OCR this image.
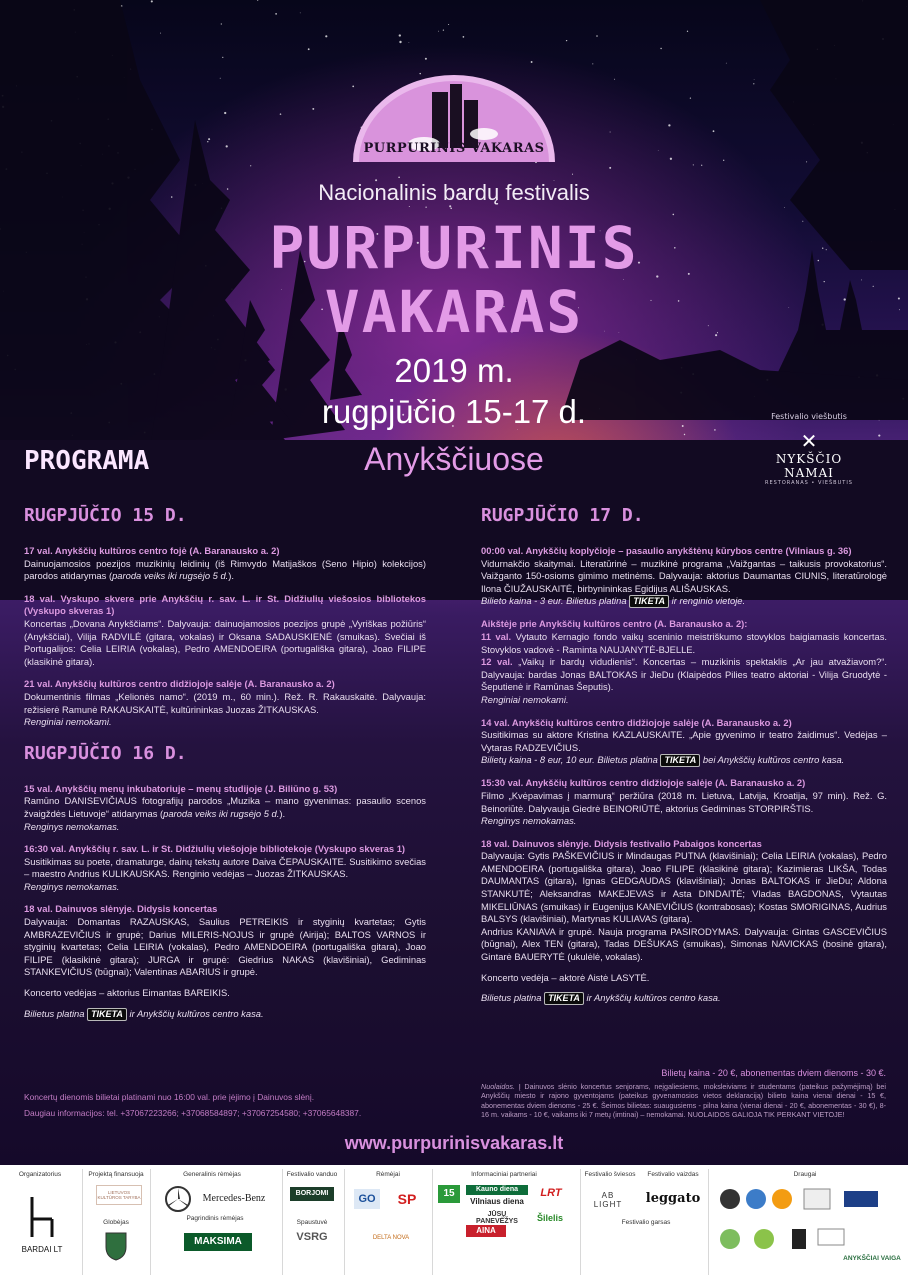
PURPURINIS VAKARAS
Nacionalinis bardų festivalis
PURPURINIS
VAKARAS
2019 m.
rugpjūčio 15-17 d.
Anykščiuose
PROGRAMA
Festivalio viešbutis
✕
NYKŠČIO NAMAI
RESTORANAS • VIEŠBUTIS
RUGPJŪČIO 15 D.
17 val. Anykščių kultūros centro fojė (A. Baranausko a. 2)
Dainuojamosios poezijos muzikinių leidinių (iš Rimvydo Matijaškos (Seno Hipio) kolekcijos) parodos atidarymas (paroda veiks iki rugsėjo 5 d.).
18 val. Vyskupo skvere prie Anykščių r. sav. L. ir St. Didžiulių viešosios bibliotekos (Vyskupo skveras 1)
Koncertas „Dovana Anykščiams“. Dalyvauja: dainuojamosios poezijos grupė „Vyriškas požiūris“ (Anykščiai), Vilija RADVILĖ (gitara, vokalas) ir Oksana SADAUSKIENĖ (smuikas). Svečiai iš Portugalijos: Celia LEIRIA (vokalas), Pedro AMENDOEIRA (portugališka gitara), Joao FILIPE (klasikinė gitara).
21 val. Anykščių kultūros centro didžiojoje salėje (A. Baranausko a. 2)
Dokumentinis filmas „Kelionės namo“. (2019 m., 60 min.). Rež. R. Rakauskaitė. Dalyvauja: režisierė Ramunė RAKAUSKAITĖ, kultūrininkas Juozas ŽITKAUSKAS.
Renginiai nemokami.
RUGPJŪČIO 16 D.
15 val. Anykščių menų inkubatoriuje – menų studijoje (J. Biliūno g. 53)
Ramūno DANISEVIČIAUS fotografijų parodos „Muzika – mano gyvenimas: pasaulio scenos žvaigždės Lietuvoje“ atidarymas (paroda veiks iki rugsėjo 5 d.).
Renginys nemokamas.
16:30 val. Anykščių r. sav. L. ir St. Didžiulių viešojoje bibliotekoje (Vyskupo skveras 1)
Susitikimas su poete, dramaturge, dainų tekstų autore Daiva ČEPAUSKAITE. Susitikimo svečias – maestro Andrius KULIKAUSKAS. Renginio vedėjas – Juozas ŽITKAUSKAS.
Renginys nemokamas.
18 val. Dainuvos slėnyje. Didysis koncertas
Dalyvauja: Domantas RAZAUSKAS, Saulius PETREIKIS ir styginių kvartetas; Gytis AMBRAZEVIČIUS ir grupė; Darius MILERIS-NOJUS ir grupė (Airija); BALTOS VARNOS ir styginių kvartetas; Celia LEIRIA (vokalas), Pedro AMENDOEIRA (portugališka gitara), Joao FILIPE (klasikinė gitara); JURGA ir grupė: Giedrius NAKAS (klavišiniai), Gediminas STANKEVIČIUS (būgnai); Valentinas ABARIUS ir grupė.
Koncerto vedėjas – aktorius Eimantas BAREIKIS.
Bilietus platina TIKETA ir Anykščių kultūros centro kasa.
RUGPJŪČIO 17 D.
00:00 val. Anykščių koplyčioje – pasaulio anykštėnų kūrybos centre (Vilniaus g. 36)
Vidurnakčio skaitymai. Literatūrinė – muzikinė programa „Vaižgantas – taikusis provokatorius“. Vaižganto 150-osioms gimimo metinėms. Dalyvauja: aktorius Daumantas CIUNIS, literatūrologė Ilona ČIUŽAUSKAITĖ, birbynininkas Egidijus ALIŠAUSKAS.
Bilieto kaina - 3 eur. Bilietus platina TIKETA ir renginio vietoje.
Aikštėje prie Anykščių kultūros centro (A. Baranausko a. 2):
11 val. Vytauto Kernagio fondo vaikų sceninio meistriškumo stovyklos baigiamasis koncertas. Stovyklos vadovė - Raminta NAUJANYTĖ-BJELLE.
12 val. „Vaikų ir bardų vidudienis“. Koncertas – muzikinis spektaklis „Ar jau atvažiavom?“. Dalyvauja: bardas Jonas BALTOKAS ir JieDu (Klaipėdos Pilies teatro aktoriai - Vilija Gruodytė - Šeputienė ir Ramūnas Šeputis).
Renginiai nemokami.
14 val. Anykščių kultūros centro didžiojoje salėje (A. Baranausko a. 2)
Susitikimas su aktore Kristina KAZLAUSKAITE. „Apie gyvenimo ir teatro žaidimus“. Vedėjas – Vytaras RADZEVIČIUS.
Bilietų kaina - 8 eur, 10 eur. Bilietus platina TIKETA bei Anykščių kultūros centro kasa.
15:30 val. Anykščių kultūros centro didžiojoje salėje (A. Baranausko a. 2)
Filmo „Kvėpavimas į marmurą“ peržiūra (2018 m. Lietuva, Latvija, Kroatija, 97 min). Rež. G. Beinoriūtė. Dalyvauja Giedrė BEINORIŪTĖ, aktorius Gediminas STORPIRŠTIS.
Renginys nemokamas.
18 val. Dainuvos slėnyje. Didysis festivalio Pabaigos koncertas
Dalyvauja: Gytis PAŠKEVIČIUS ir Mindaugas PUTNA (klavišiniai); Celia LEIRIA (vokalas), Pedro AMENDOEIRA (portugališka gitara), Joao FILIPE (klasikinė gitara); Kazimieras LIKŠA, Todas DAUMANTAS (gitara), Ignas GEDGAUDAS (klavišiniai); Jonas BALTOKAS ir JieDu; Aldona STANKUTĖ; Aleksandras MAKEJEVAS ir Asta DINDAITĖ; Vladas BAGDONAS, Vytautas MIKELIŪNAS (smuikas) ir Eugenijus KANEVIČIUS (kontrabosas); Kostas SMORIGINAS, Audrius BALSYS (klavišiniai), Martynas KULIAVAS (gitara).
Andrius KANIAVA ir grupė. Nauja programa PASIRODYMAS. Dalyvauja: Gintas GASCEVIČIUS (būgnai), Alex TEN (gitara), Tadas DEŠUKAS (smuikas), Simonas NAVICKAS (bosinė gitara), Gintarė BAUERYTĖ (ukulėlė, vokalas).
Koncerto vedėja – aktorė Aistė LASYTĖ.
Bilietus platina TIKETA ir Anykščių kultūros centro kasa.
Koncertų dienomis bilietai platinami nuo 16:00 val. prie įėjimo į Dainuvos slėnį.
Daugiau informacijos: tel. +37067223266; +37068584897; +37067254580; +37065648387.
Bilietų kaina - 20 €, abonementas dviem dienoms - 30 €.
Nuolaidos. Į Dainuvos slėnio koncertus senjorams, neįgaliesiems, moksleiviams ir studentams (pateikus pažymėjimą) bei Anykščių miesto ir rajono gyventojams (pateikus gyvenamosios vietos deklaraciją) bilieto kaina vienai dienai - 15 €, abonementas dviem dienoms - 25 €. Šeimos bilietas: suaugusiems - pilna kaina (vienai dienai - 20 €, abonementas - 30 €), 8-16 m. vaikams - 10 €, vaikams iki 7 metų (imtinai) – nemokamai. NUOLAIDOS GALIOJA TIK PERKANT VIETOJE!
www.purpurinisvakaras.lt
Organizatorius
BARDAI LT
Projektą finansuoja
LIETUVOS KULTŪROS TARYBA
Globėjas
Generalinis rėmėjas
Mercedes-Benz
Pagrindinis rėmėjas
MAKSIMA
Festivalio vanduo
BORJOMI
Spaustuvė
VSRG
Rėmėjai
GO	SP
DELTA NOVA
Informaciniai partneriai
15	Kauno diena
Vilniaus diena
JŪSŲ PANEVĖŽYS
AINA
LRT
Šilelis
Festivalio šviesos
AB LIGHT
Festivalio garsas
Festivalio vaizdas
leggato
Draugai
ANYKŠČIAI VAIGA
